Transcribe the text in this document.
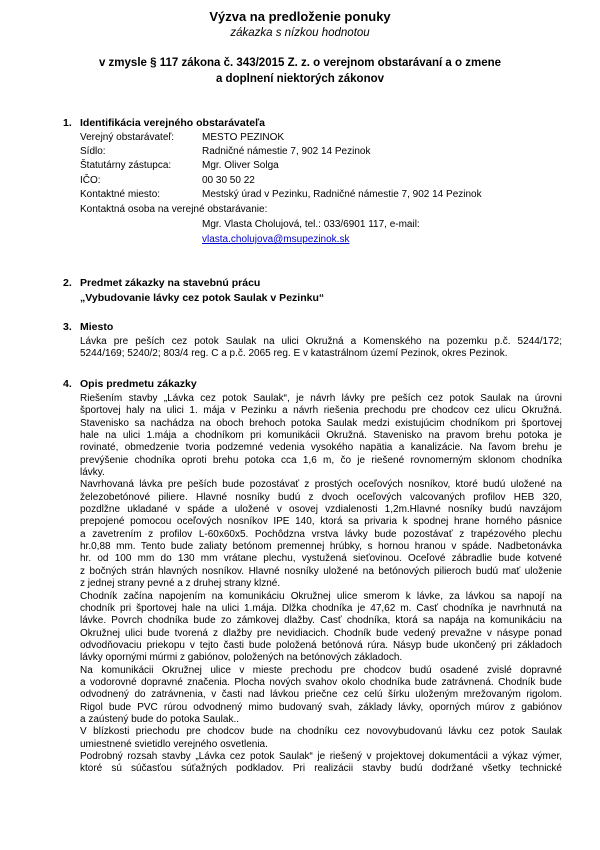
Výzva na predloženie ponuky
zákazka s nízkou hodnotou
v zmysle § 117 zákona č. 343/2015 Z. z. o verejnom obstarávaní a o zmene
a doplnení niektorých zákonov
1. Identifikácia verejného obstarávateľa
Verejný obstarávateľ:	MESTO PEZINOK
Sídlo:	Radničné námestie 7, 902 14 Pezinok
Štatutárny zástupca:	Mgr. Oliver Solga
IČO:	00 30 50 22
Kontaktné miesto:	Mestský úrad v Pezinku, Radničné námestie 7, 902 14 Pezinok
Kontaktná osoba na verejné obstarávanie:
Mgr. Vlasta Cholujová, tel.: 033/6901 117, e-mail:
vlasta.cholujova@msupezinok.sk
2. Predmet zákazky na stavebnú prácu
„Vybudovanie lávky cez potok Saulak v Pezinku“
3. Miesto
Lávka pre peších cez potok Saulak na ulici Okružná a Komenského na pozemku p.č. 5244/172;
5244/169; 5240/2; 803/4 reg. C a p.č. 2065 reg. E v katastrálnom území Pezinok, okres Pezinok.
4. Opis predmetu zákazky
Riešením stavby „Lávka cez potok Saulak“, je návrh lávky pre peších cez potok Saulak na úrovni
športovej haly na ulici 1. mája v Pezinku a návrh riešenia prechodu pre chodcov cez ulicu Okružná.
Stavenisko sa nachádza na oboch brehoch potoka Saulak medzi existujúcim chodníkom pri športovej
hale na ulici 1.mája a chodníkom pri komunikácii Okružná. Stavenisko na pravom brehu potoka je
rovinaté, obmedzenie tvoria podzemné vedenia vysokého napätia a kanalizácie. Na ľavom brehu je
prevýšenie chodníka oproti brehu potoka cca 1,6 m, čo je riešené rovnomerným sklonom chodníka
lávky.
Navrhovaná lávka pre peších bude pozostávať z prostých oceľových nosníkov, ktoré budú uložené na
železobetónové piliere. Hlavné nosníky budú z dvoch oceľových valcovaných profilov HEB 320,
pozdĺžne ukladané v spáde a uložené v osovej vzdialenosti 1,2m.Hlavné nosníky budú navzájom
prepojené pomocou oceľových nosníkov IPE 140, ktorá sa privaria k spodnej hrane horného pásnice
a zavetrením z profilov L-60x60x5. Pochôdzna vrstva lávky bude pozostávať z trapézového plechu
hr.0,88 mm. Tento bude zaliaty betónom premennej hrúbky, s hornou hranou v spáde. Nadbetonávka
hr. od 100 mm do 130 mm vrátane plechu, vystužená sieťovinou. Oceľové zábradlie bude kotvené
z bočných strán hlavných nosníkov. Hlavné nosníky uložené na betónových pilieroch budú mať uloženie
z jednej strany pevné a z druhej strany kĺzné.
Chodník začína napojením na komunikáciu Okružnej ulice smerom k lávke, za lávkou sa napojí na
chodník pri športovej hale na ulici 1.mája. Dĺžka chodníka je 47,62 m. Časť chodníka je navrhnutá na
lávke. Povrch chodníka bude zo zámkovej dlažby. Časť chodníka, ktorá sa napája na komunikáciu na
Okružnej ulici bude tvorená z dlažby pre nevidiacich. Chodník bude vedený prevažne v násype ponad
odvodňovaciu priekopu v tejto časti bude položená betónová rúra. Násyp bude ukončený pri základoch
lávky opornými múrmi z gabiónov, položených na betónových základoch.
Na komunikácii Okružnej ulice v mieste prechodu pre chodcov budú osadené zvislé dopravné
a vodorovné dopravné značenia. Plocha nových svahov okolo chodníka bude zatrávnená. Chodník bude
odvodnený do zatrávnenia, v časti nad lávkou priečne cez celú šírku uloženým mrežovaným rigolom.
Rigol bude PVC rúrou odvodnený mimo budovaný svah, základy lávky, oporných múrov z gabiónov
a zaústený bude do potoka Saulak..
V blízkosti priechodu pre chodcov bude na chodníku cez novovybudovanú lávku cez potok Saulak
umiestnené svietidlo verejného osvetlenia.
Podrobný rozsah stavby „Lávka cez potok Saulak“ je riešený v projektovej dokumentácii a výkaz výmer,
ktoré sú súčasťou súťažných podkladov. Pri realizácii stavby budú dodržané všetky technické
